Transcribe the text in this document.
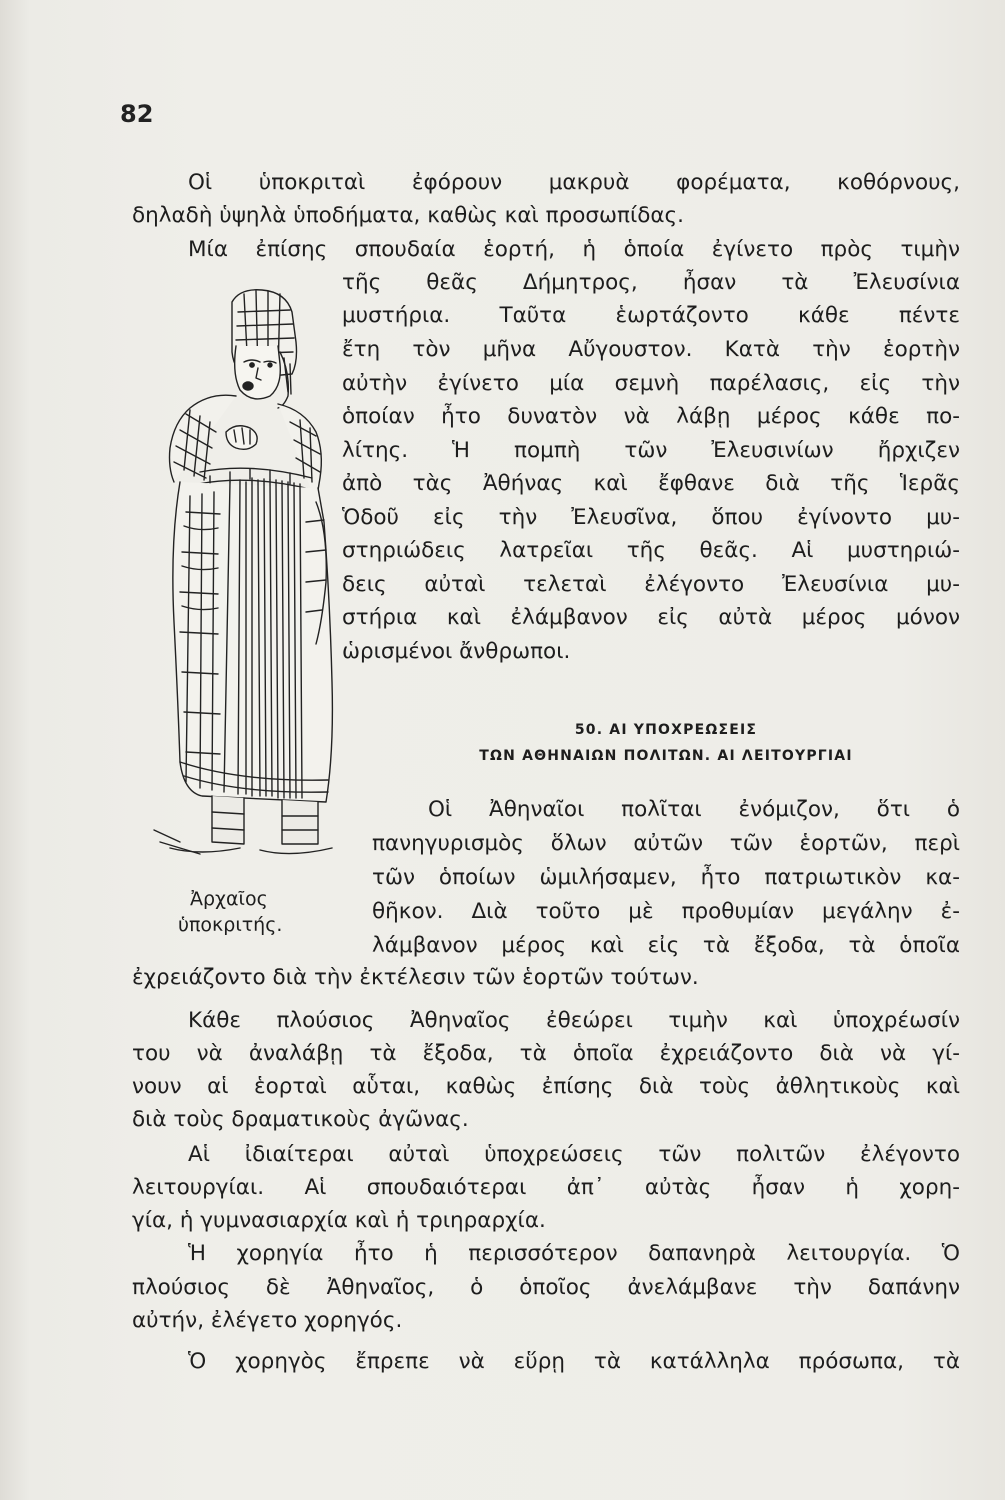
82
Οἱ ὑποκριταὶ ἐφόρουν μακρυὰ φορέματα, κοθόρνους,
δηλαδὴ ὑψηλὰ ὑποδήματα, καθὼς καὶ προσωπίδας.
Μία ἐπίσης σπουδαία ἑορτή, ἡ ὁποία ἐγίνετο πρὸς τιμὴν
τῆς θεᾶς Δήμητρος, ἦσαν τὰ Ἐλευσίνια
μυστήρια. Ταῦτα ἑωρτάζοντο κάθε πέντε
ἔτη τὸν μῆνα Αὔγουστον. Κατὰ τὴν ἑορτὴν
αὐτὴν ἐγίνετο μία σεμνὴ παρέλασις, εἰς τὴν
ὁποίαν ἦτο δυνατὸν νὰ λάβῃ μέρος κάθε πο-
λίτης. Ἡ πομπὴ τῶν Ἐλευσινίων ἤρχιζεν
ἀπὸ τὰς Ἀθήνας καὶ ἔφθανε διὰ τῆς Ἱερᾶς
Ὁδοῦ εἰς τὴν Ἐλευσῖνα, ὅπου ἐγίνοντο μυ-
στηριώδεις λατρεῖαι τῆς θεᾶς. Αἱ μυστηριώ-
δεις αὐταὶ τελεταὶ ἐλέγοντο Ἐλευσίνια μυ-
στήρια καὶ ἐλάμβανον εἰς αὐτὰ μέρος μόνον
ὡρισμένοι ἄνθρωποι.
50. ΑΙ ΥΠΟΧΡΕΩΣΕΙΣ
ΤΩΝ ΑΘΗΝΑΙΩΝ ΠΟΛΙΤΩΝ. ΑΙ ΛΕΙΤΟΥΡΓΙΑΙ
Οἱ Ἀθηναῖοι πολῖται ἐνόμιζον, ὅτι ὁ
πανηγυρισμὸς ὅλων αὐτῶν τῶν ἑορτῶν, περὶ
τῶν ὁποίων ὡμιλήσαμεν, ἦτο πατριωτικὸν κα-
θῆκον. Διὰ τοῦτο μὲ προθυμίαν μεγάλην ἐ-
λάμβανον μέρος καὶ εἰς τὰ ἔξοδα, τὰ ὁποῖα
ἐχρειάζοντο διὰ τὴν ἐκτέλεσιν τῶν ἑορτῶν τούτων.
Κάθε πλούσιος Ἀθηναῖος ἐθεώρει τιμὴν καὶ ὑποχρέωσίν
του νὰ ἀναλάβῃ τὰ ἔξοδα, τὰ ὁποῖα ἐχρειάζοντο διὰ νὰ γί-
νουν αἱ ἑορταὶ αὗται, καθὼς ἐπίσης διὰ τοὺς ἀθλητικοὺς καὶ
διὰ τοὺς δραματικοὺς ἀγῶνας.
Αἱ ἰδιαίτεραι αὐταὶ ὑποχρεώσεις τῶν πολιτῶν ἐλέγοντο
λειτουργίαι. Αἱ σπουδαιότεραι ἀπ᾿ αὐτὰς ἦσαν ἡ χορη-
γία, ἡ γυμνασιαρχία καὶ ἡ τριηραρχία.
Ἡ χορηγία ἦτο ἡ περισσότερον δαπανηρὰ λειτουργία. Ὁ
πλούσιος δὲ Ἀθηναῖος, ὁ ὁποῖος ἀνελάμβανε τὴν δαπάνην
αὐτήν, ἐλέγετο χορηγός.
Ὁ χορηγὸς ἔπρεπε νὰ εὕρῃ τὰ κατάλληλα πρόσωπα, τὰ
Ἀρχαῖος
ὑποκριτής.
